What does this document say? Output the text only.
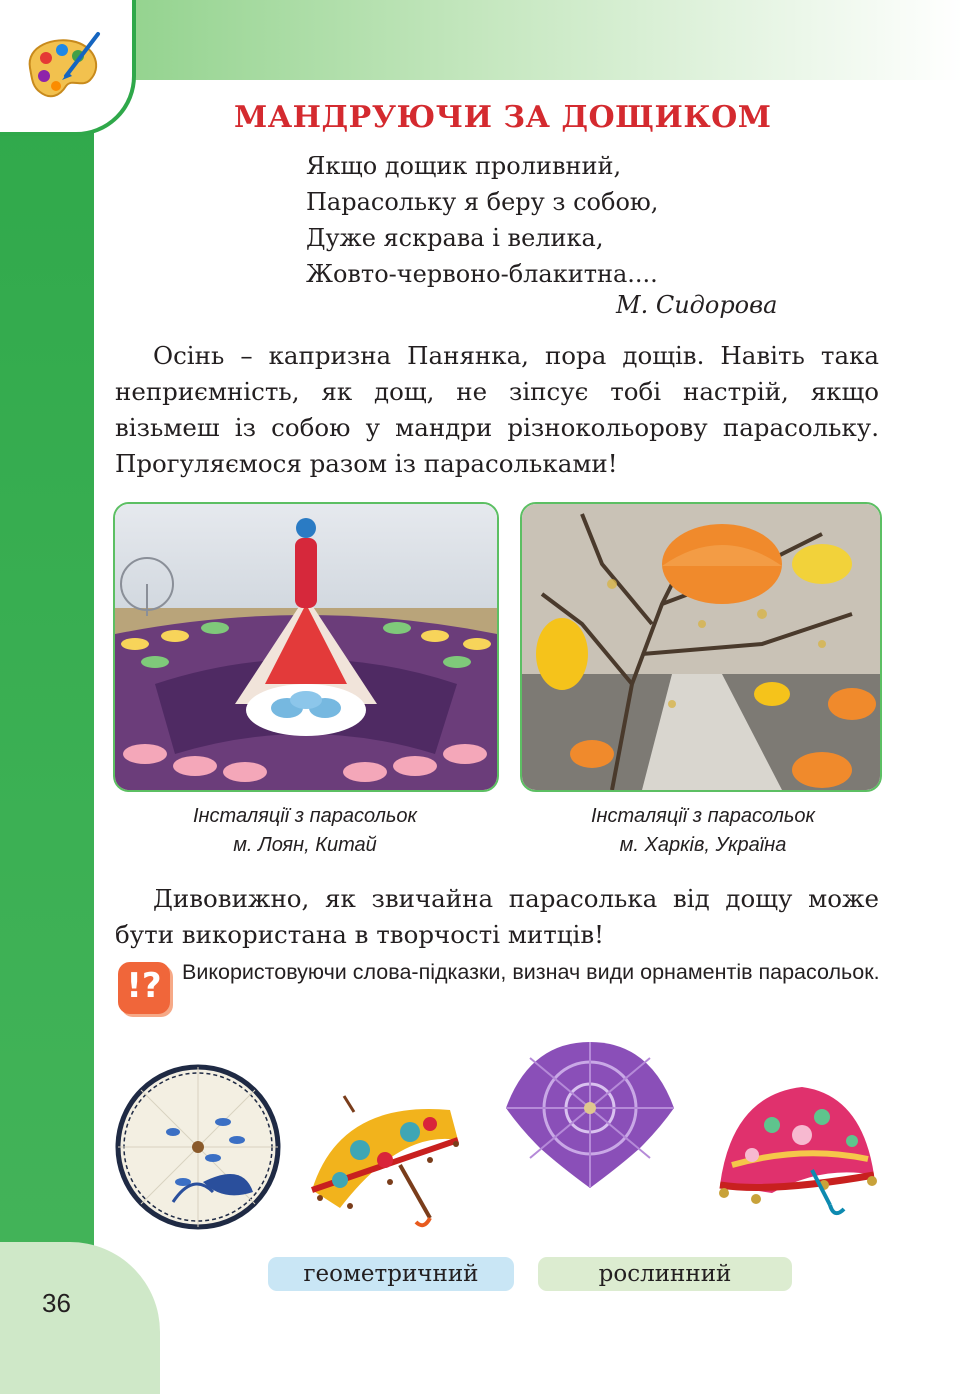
МАНДРУЮЧИ ЗА ДОЩИКОМ
Якщо дощик проливний,
Парасольку я беру з собою,
Дуже яскрава і велика,
Жовто-червоно-блакитна....
М. Сидорова
Осінь – капризна Панянка, пора дощів. Навіть така неприємність, як дощ, не зіпсує тобі настрій, якщо візьмеш із собою у мандри різнокольорову парасольку. Прогуляємося разом із парасольками!
Інсталяції з парасольок
м. Лоян, Китай
Інсталяції з парасольок
м. Харків, Україна
Дивовижно, як звичайна парасолька від дощу може бути використана в творчості митців!
!? Використовуючи слова-підказки, визнач види орнаментів парасольок.
геометричний	рослинний
36
